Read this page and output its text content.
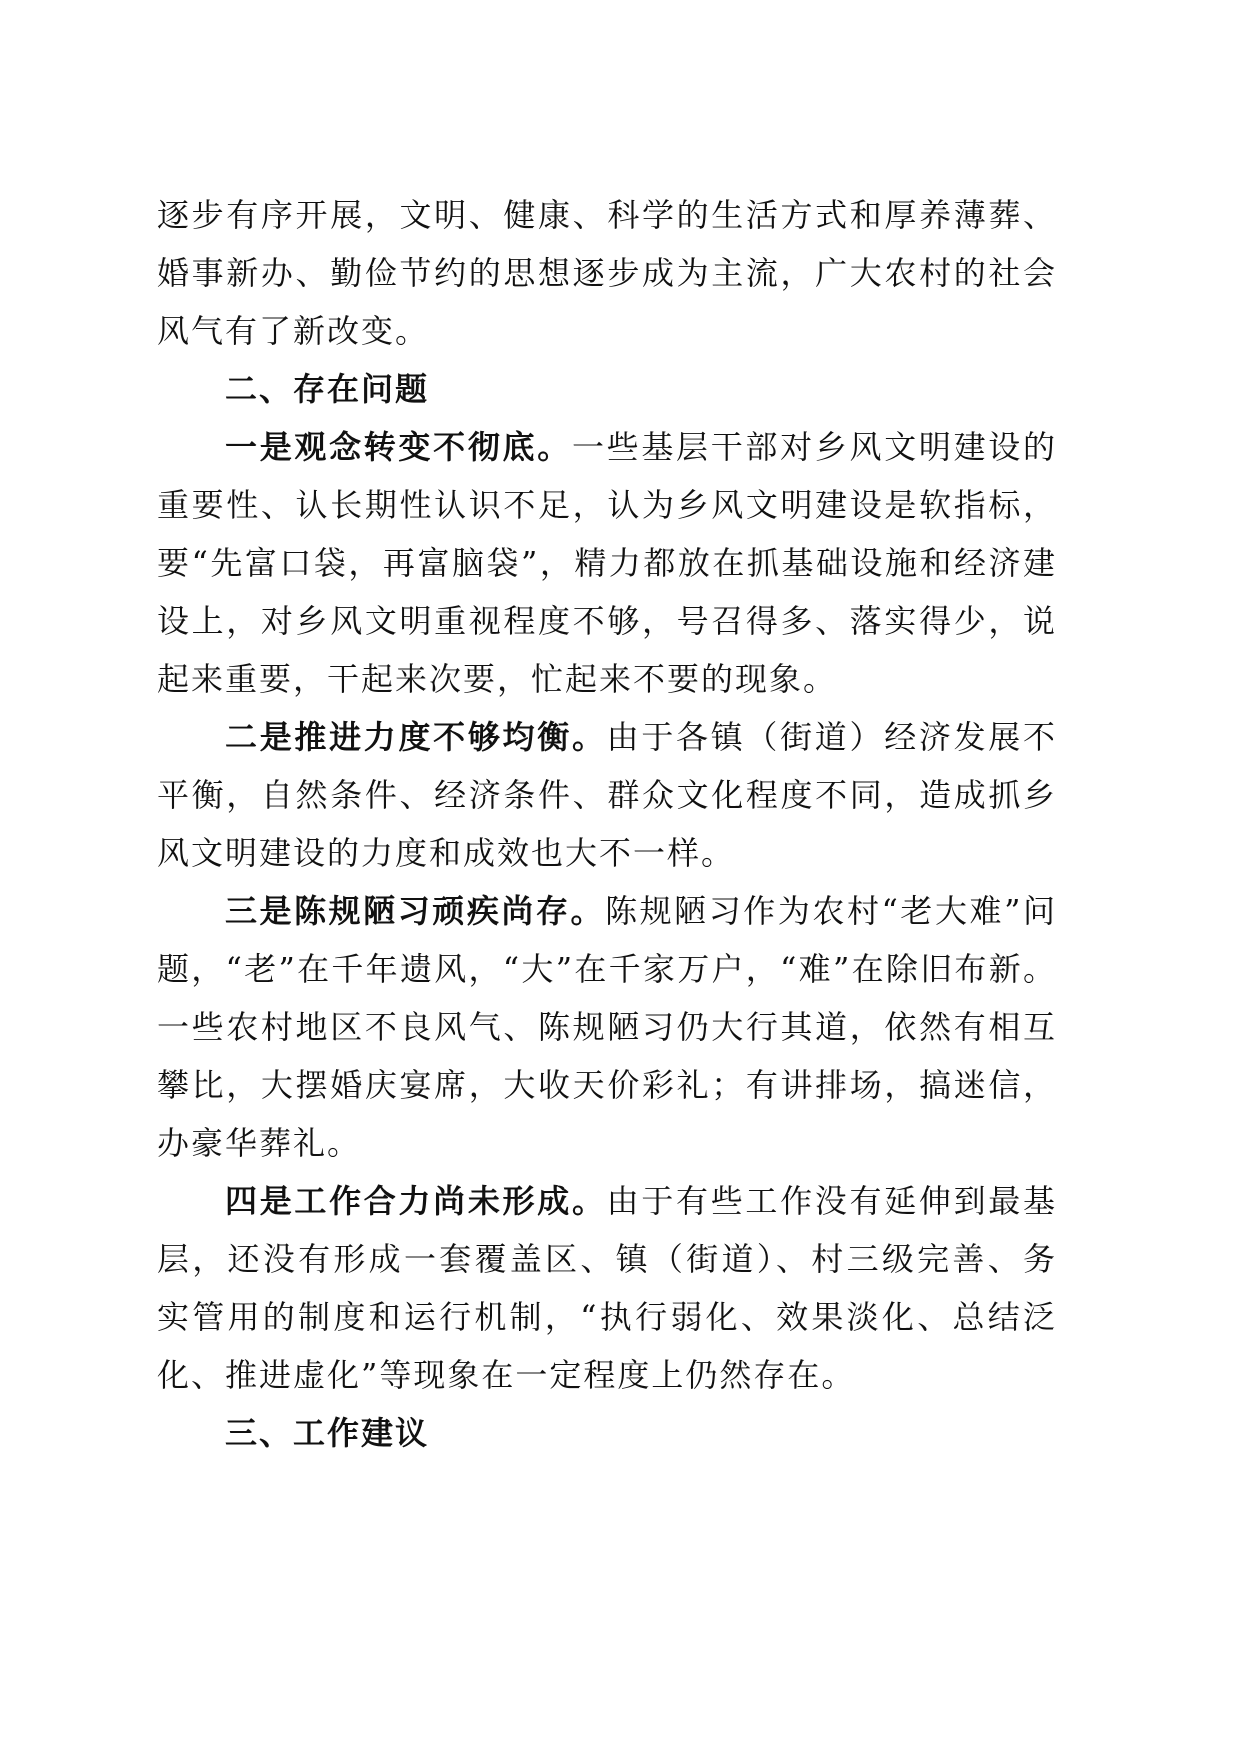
逐步有序开展，文明、健康、科学的生活方式和厚养薄葬、婚事新办、勤俭节约的思想逐步成为主流，广大农村的社会风气有了新改变。

二、存在问题

一是观念转变不彻底。一些基层干部对乡风文明建设的重要性、认长期性认识不足，认为乡风文明建设是软指标，要“先富口袋，再富脑袋”，精力都放在抓基础设施和经济建设上，对乡风文明重视程度不够，号召得多、落实得少，说起来重要，干起来次要，忙起来不要的现象。

二是推进力度不够均衡。由于各镇（街道）经济发展不平衡，自然条件、经济条件、群众文化程度不同，造成抓乡风文明建设的力度和成效也大不一样。

三是陈规陋习顽疾尚存。陈规陋习作为农村“老大难”问题，“老”在千年遗风，“大”在千家万户，“难”在除旧布新。一些农村地区不良风气、陈规陋习仍大行其道，依然有相互攀比，大摆婚庆宴席，大收天价彩礼；有讲排场，搞迷信，办豪华葬礼。

四是工作合力尚未形成。由于有些工作没有延伸到最基层，还没有形成一套覆盖区、镇（街道）、村三级完善、务实管用的制度和运行机制，“执行弱化、效果淡化、总结泛化、推进虚化”等现象在一定程度上仍然存在。

三、工作建议
